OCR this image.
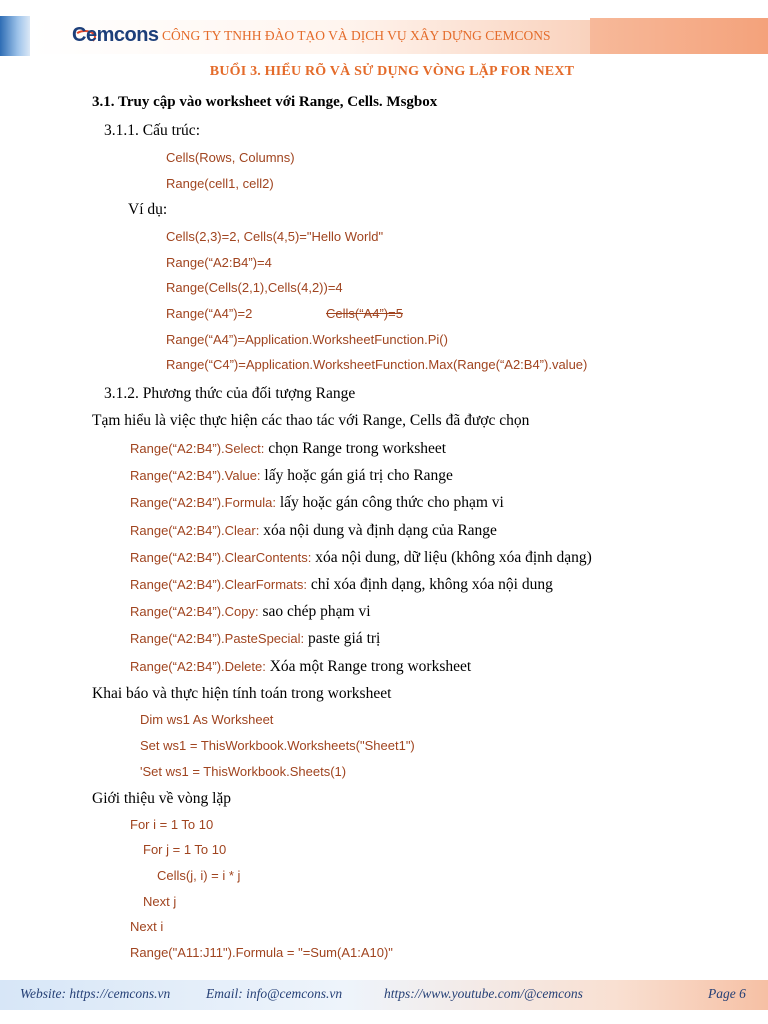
Cemcons CÔNG TY TNHH ĐÀO TẠO VÀ DỊCH VỤ XÂY DỰNG CEMCONS
BUỔI 3. HIỂU RÕ VÀ SỬ DỤNG VÒNG LẶP FOR NEXT
3.1. Truy cập vào worksheet với Range, Cells. Msgbox
3.1.1. Cấu trúc:
Cells(Rows, Columns)
Range(cell1, cell2)
Ví dụ:
Cells(2,3)=2, Cells(4,5)="Hello World"
Range(“A2:B4”)=4
Range(Cells(2,1),Cells(4,2))=4
Range(“A4”)=2	Cells(“A4”)=5
Range(“A4”)=Application.WorksheetFunction.Pi()
Range(“C4”)=Application.WorksheetFunction.Max(Range(“A2:B4”).value)
3.1.2. Phương thức của đối tượng Range
Tạm hiểu là việc thực hiện các thao tác với Range, Cells đã được chọn
Range(“A2:B4”).Select: chọn Range trong worksheet
Range(“A2:B4”).Value: lấy hoặc gán giá trị cho Range
Range(“A2:B4”).Formula: lấy hoặc gán công thức cho phạm vi
Range(“A2:B4”).Clear: xóa nội dung và định dạng của Range
Range(“A2:B4”).ClearContents: xóa nội dung, dữ liệu (không xóa định dạng)
Range(“A2:B4”).ClearFormats: chỉ xóa định dạng, không xóa nội dung
Range(“A2:B4”).Copy: sao chép phạm vi
Range(“A2:B4”).PasteSpecial: paste giá trị
Range(“A2:B4”).Delete: Xóa một Range trong worksheet
Khai báo và thực hiện tính toán trong worksheet
Dim ws1 As Worksheet
Set ws1 = ThisWorkbook.Worksheets("Sheet1")
'Set ws1 = ThisWorkbook.Sheets(1)
Giới thiệu về vòng lặp
For i = 1 To 10
For j = 1 To 10
Cells(j, i) = i * j
Next j
Next i
Range("A11:J11").Formula = "=Sum(A1:A10)"
Website: https://cemcons.vn	Email: info@cemcons.vn	https://www.youtube.com/@cemcons	Page 6
